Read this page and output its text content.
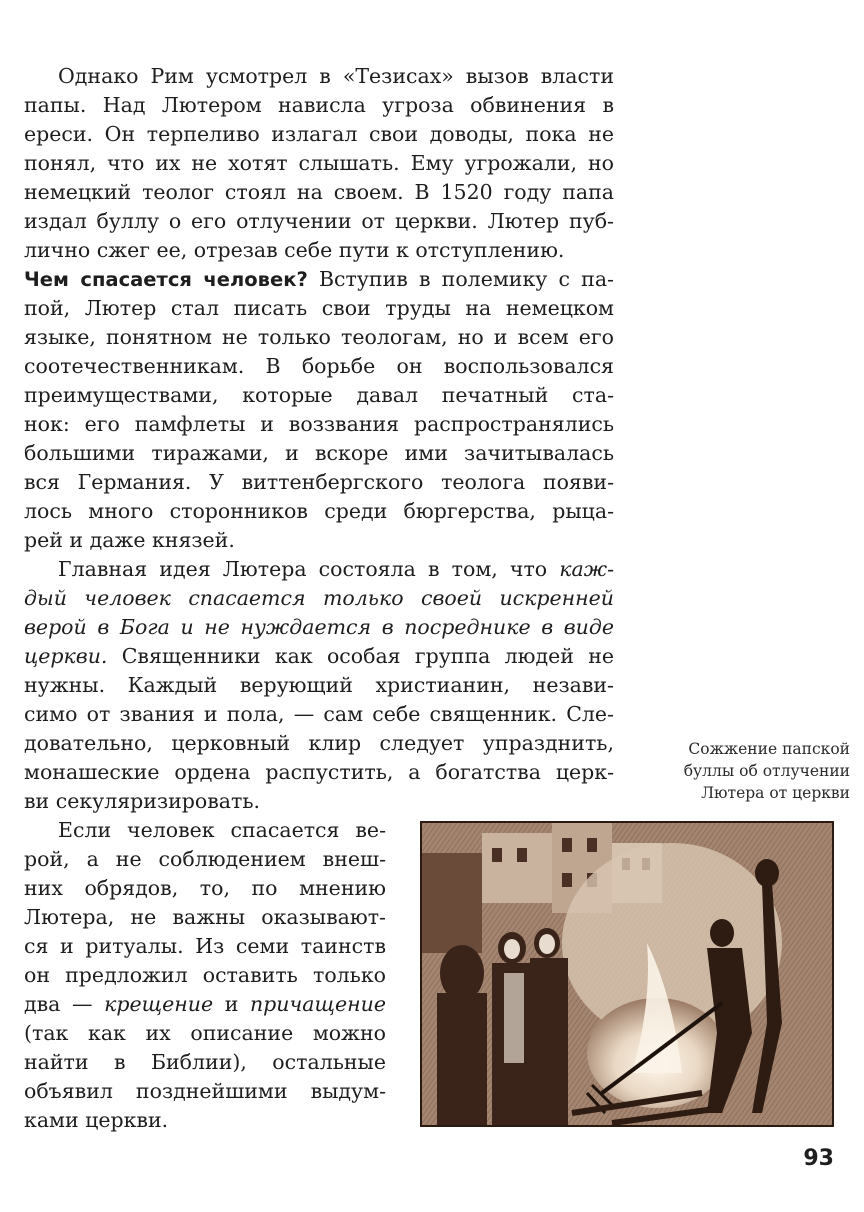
Однако Рим усмотрел в «Тезисах» вызов власти
папы. Над Лютером нависла угроза обвинения в
ереси. Он терпеливо излагал свои доводы, пока не
понял, что их не хотят слышать. Ему угрожали, но
немецкий теолог стоял на своем. В 1520 году папа
издал буллу о его отлучении от церкви. Лютер пуб-
лично сжег ее, отрезав себе пути к отступлению.
Чем спасается человек? Вступив в полемику с па-
пой, Лютер стал писать свои труды на немецком
языке, понятном не только теологам, но и всем его
соотечественникам. В борьбе он воспользовался
преимуществами, которые давал печатный ста-
нок: его памфлеты и воззвания распространялись
большими тиражами, и вскоре ими зачитывалась
вся Германия. У виттенбергского теолога появи-
лось много сторонников среди бюргерства, рыца-
рей и даже князей.
Главная идея Лютера состояла в том, что каж-
дый человек спасается только своей искренней
верой в Бога и не нуждается в посреднике в виде
церкви. Священники как особая группа людей не
нужны. Каждый верующий христианин, незави-
симо от звания и пола, — сам себе священник. Сле-
довательно, церковный клир следует упразднить,
монашеские ордена распустить, а богатства церк-
ви секуляризировать.
Если человек спасается ве-
рой, а не соблюдением внеш-
них обрядов, то, по мнению
Лютера, не важны оказывают-
ся и ритуалы. Из семи таинств
он предложил оставить только
два — крещение и причащение
(так как их описание можно
найти в Библии), остальные
объявил позднейшими выдум-
ками церкви.
Сожжение папской
буллы об отлучении
Лютера от церкви
93
